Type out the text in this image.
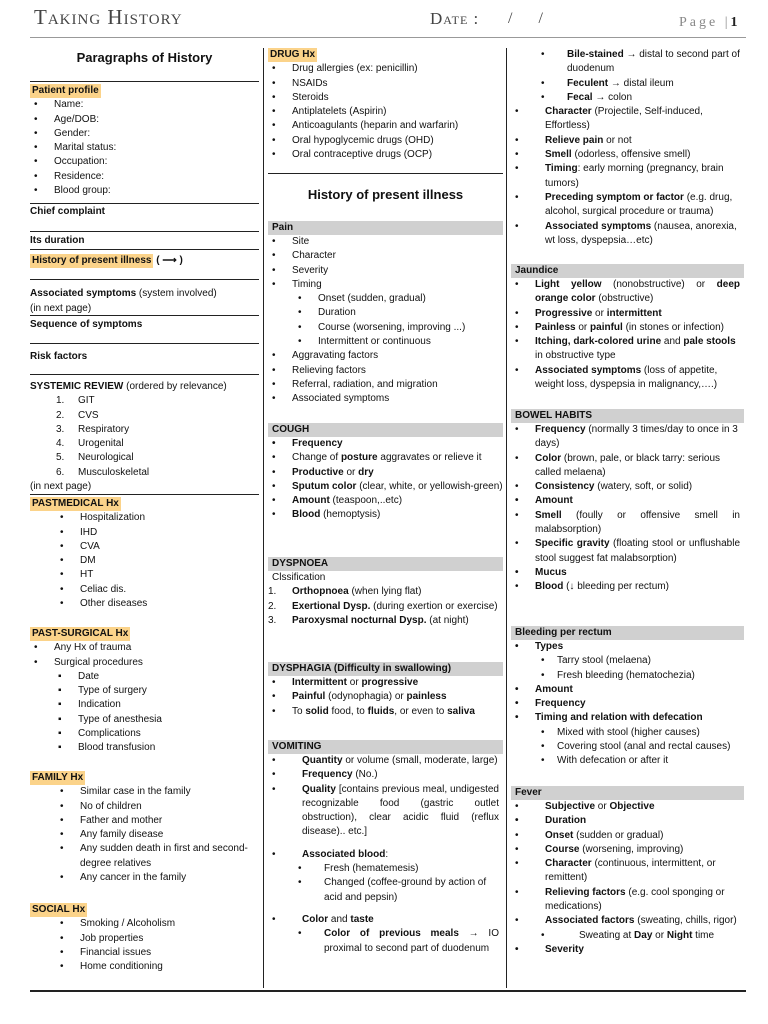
Taking History	Date : / /	Page |1
Paragraphs of History
Patient profile
• Name:
• Age/DOB:
• Gender:
• Marital status:
• Occupation:
• Residence:
• Blood group:
Chief complaint
Its duration
History of present illness ( ⟶ )
Associated symptoms (system involved)
(in next page)
Sequence of symptoms
Risk factors
SYSTEMIC REVIEW (ordered by relevance)
1. GIT
2. CVS
3. Respiratory
4. Urogenital
5. Neurological
6. Musculoskeletal
(in next page)
PASTMEDICAL Hx
• Hospitalization
• IHD
• CVA
• DM
• HT
• Celiac dis.
• Other diseases
PAST-SURGICAL Hx
• Any Hx of trauma
• Surgical procedures
▪ Date
▪ Type of surgery
▪ Indication
▪ Type of anesthesia
▪ Complications
▪ Blood transfusion
FAMILY Hx
• Similar case in the family
• No of children
• Father and mother
• Any family disease
• Any sudden death in first and second-degree relatives
• Any cancer in the family
SOCIAL Hx
• Smoking / Alcoholism
• Job properties
• Financial issues
• Home conditioning
DRUG Hx
• Drug allergies (ex: penicillin)
• NSAIDs
• Steroids
• Antiplatelets (Aspirin)
• Anticoagulants (heparin and warfarin)
• Oral hypoglycemic drugs (OHD)
• Oral contraceptive drugs (OCP)
History of present illness
Pain
• Site
• Character
• Severity
• Timing
• Onset (sudden, gradual)
• Duration
• Course (worsening, improving ...)
• Intermittent or continuous
• Aggravating factors
• Relieving factors
• Referral, radiation, and migration
• Associated symptoms
COUGH
• Frequency
• Change of posture aggravates or relieve it
• Productive or dry
• Sputum color (clear, white, or yellowish-green)
• Amount (teaspoon,..etc)
• Blood (hemoptysis)
DYSPNOEA
Clssification
1. Orthopnoea (when lying flat)
2. Exertional Dysp. (during exertion or exercise)
3. Paroxysmal nocturnal Dysp. (at night)
DYSPHAGIA (Difficulty in swallowing)
• Intermittent or progressive
• Painful (odynophagia) or painless
• To solid food, to fluids, or even to saliva
VOMITING
• Quantity or volume (small, moderate, large)
• Frequency (No.)
• Quality [contains previous meal, undigested recognizable food (gastric outlet obstruction), clear acidic fluid (reflux disease).. etc.]
• Associated blood:
• Fresh (hematemesis)
• Changed (coffee-ground by action of acid and pepsin)
• Color and taste
• Color of previous meals → IO proximal to second part of duodenum
• Bile-stained → distal to second part of duodenum
• Feculent → distal ileum
• Fecal → colon
• Character (Projectile, Self-induced, Effortless)
• Relieve pain or not
• Smell (odorless, offensive smell)
• Timing: early morning (pregnancy, brain tumors)
• Preceding symptom or factor (e.g. drug, alcohol, surgical procedure or trauma)
• Associated symptoms (nausea, anorexia, wt loss, dyspepsia…etc)
Jaundice
• Light yellow (nonobstructive) or deep orange color (obstructive)
• Progressive or intermittent
• Painless or painful (in stones or infection)
• Itching, dark-colored urine and pale stools in obstructive type
• Associated symptoms (loss of appetite, weight loss, dyspepsia in malignancy,….)
BOWEL HABITS
• Frequency (normally 3 times/day to once in 3 days)
• Color (brown, pale, or black tarry: serious called melaena)
• Consistency (watery, soft, or solid)
• Amount
• Smell (foully or offensive smell in malabsorption)
• Specific gravity (floating stool or unflushable stool suggest fat malabsorption)
• Mucus
• Blood (↓ bleeding per rectum)
Bleeding per rectum
• Types
• Tarry stool (melaena)
• Fresh bleeding (hematochezia)
• Amount
• Frequency
• Timing and relation with defecation
• Mixed with stool (higher causes)
• Covering stool (anal and rectal causes)
• With defecation or after it
Fever
• Subjective or Objective
• Duration
• Onset (sudden or gradual)
• Course (worsening, improving)
• Character (continuous, intermittent, or remittent)
• Relieving factors (e.g. cool sponging or medications)
• Associated factors (sweating, chills, rigor)
• Sweating at Day or Night time
• Severity
